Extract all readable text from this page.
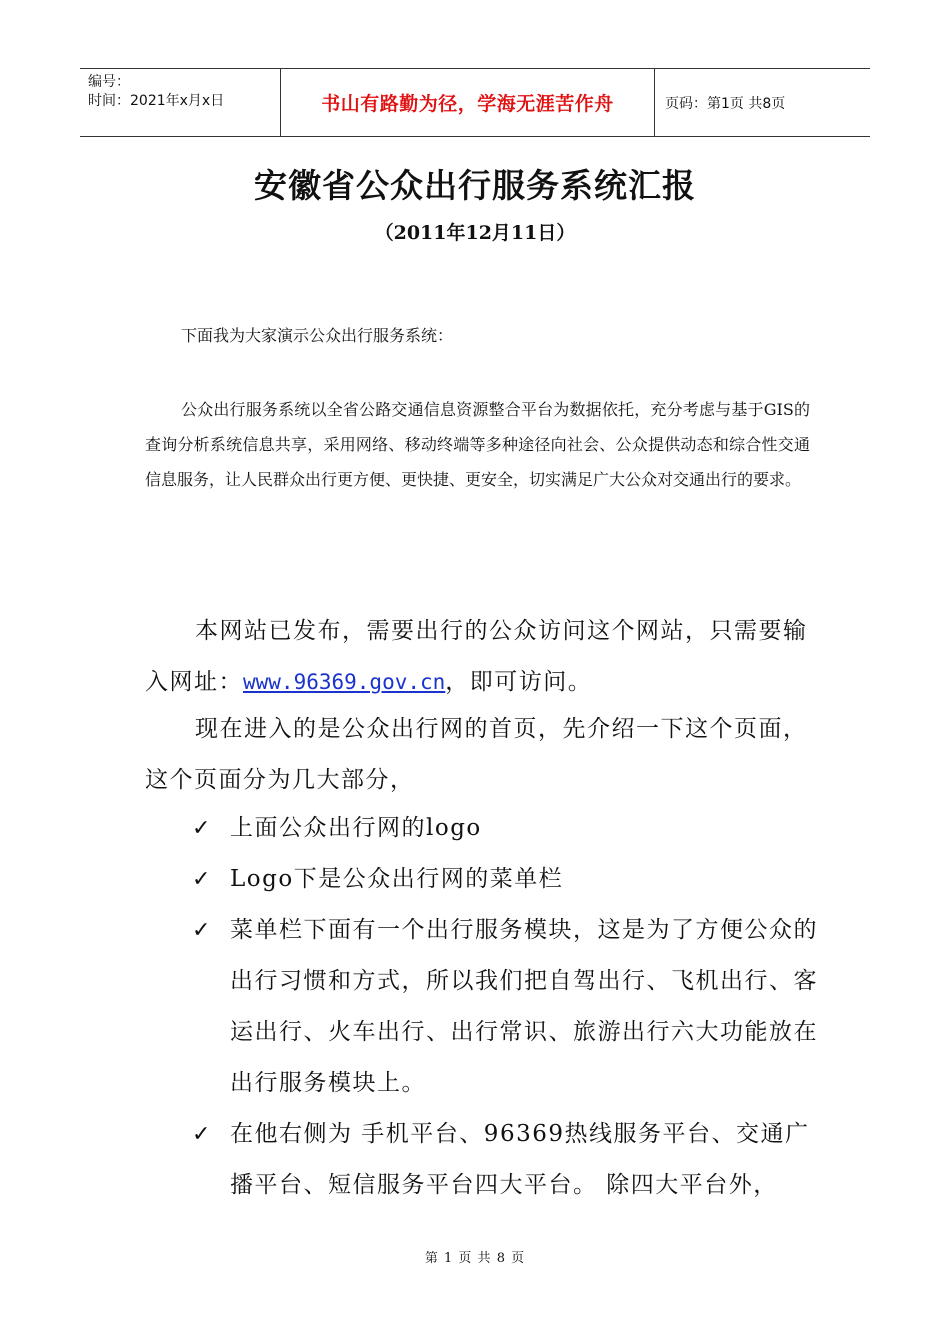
编号：
时间：2021年x月x日	书山有路勤为径，学海无涯苦作舟	页码：第1页 共8页
安徽省公众出行服务系统汇报
（2011年12月11日）
下面我为大家演示公众出行服务系统：
公众出行服务系统以全省公路交通信息资源整合平台为数据依托，充分考虑与基于GIS的查询分析系统信息共享，采用网络、移动终端等多种途径向社会、公众提供动态和综合性交通信息服务，让人民群众出行更方便、更快捷、更安全，切实满足广大公众对交通出行的要求。
本网站已发布，需要出行的公众访问这个网站，只需要输入网址：www.96369.gov.cn，即可访问。
现在进入的是公众出行网的首页，先介绍一下这个页面，这个页面分为几大部分，
✓ 上面公众出行网的logo
✓ Logo下是公众出行网的菜单栏
✓ 菜单栏下面有一个出行服务模块，这是为了方便公众的出行习惯和方式，所以我们把自驾出行、飞机出行、客运出行、火车出行、出行常识、旅游出行六大功能放在出行服务模块上。
✓ 在他右侧为 手机平台、96369热线服务平台、交通广播平台、短信服务平台四大平台。 除四大平台外，
第 1 页 共 8 页
